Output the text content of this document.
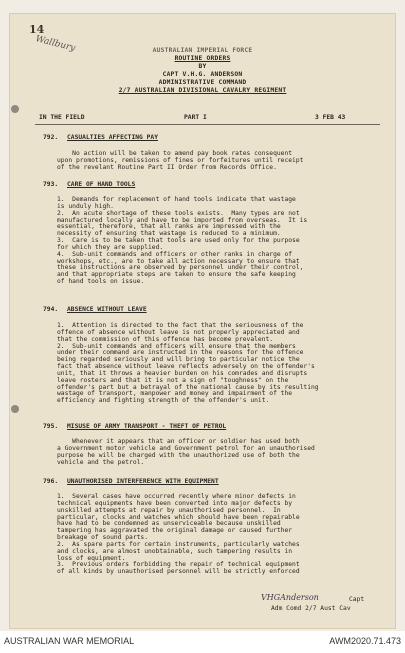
14
Wallbury	AUSTRALIAN IMPERIAL FORCE
ROUTINE ORDERS
BY
CAPT V.H.G. ANDERSON
ADMINISTRATIVE COMMAND
2/7 AUSTRALIAN DIVISIONAL CAVALRY REGIMENT
IN THE FIELD	PART I	3 FEB 43
792. CASUALTIES AFFECTING PAY
No action will be taken to amend pay book rates consequent
upon promotions, remissions of fines or forfeitures until receipt
of the revelant Routine Part II Order from Records Office.
793. CARE OF HAND TOOLS
1.  Demands for replacement of hand tools indicate that wastage
is unduly high.
2.  An acute shortage of these tools exists.  Many types are not
manufactured locally and have to be imported from overseas.  It is
essential, therefore, that all ranks are impressed with the
necessity of ensuring that wastage is reduced to a minimum.
3.  Care is to be taken that tools are used only for the purpose
for which they are supplied.
4.  Sub-unit commands and officers or other ranks in charge of
workshops, etc., are to take all action necessary to ensure that
these instructions are observed by personnel under their control,
and that appropriate steps are taken to ensure the safe keeping
of hand tools on issue.
794. ABSENCE WITHOUT LEAVE
1.  Attention is directed to the fact that the seriousness of the
offence of absence without leave is not properly appreciated and
that the commission of this offence has become prevalent.
2.  Sub-unit commands and officers will ensure that the members
under their command are instructed in the reasons for the offence
being regarded seriously and will bring to particular notice the
fact that absence without leave reflects adversely on the offender's
unit, that it throws a heavier burden on his comrades and disrupts
leave rosters and that it is not a sign of "toughness" on the
offender's part but a betrayal of the national cause by its resulting
wastage of transport, manpower and money and impairment of the
efficiency and fighting strength of the offender's unit.
795. MISUSE OF ARMY TRANSPORT - THEFT OF PETROL
Whenever it appears that an officer or soldier has used both
a Government motor vehicle and Government petrol for an unauthorised
purpose he will be charged with the unauthorized use of both the
vehicle and the petrol.
796. UNAUTHORISED INTERFERENCE WITH EQUIPMENT
1.  Several cases have occurred recently where minor defects in
technical equipments have been converted into major defects by
unskilled attempts at repair by unauthorised personnel.  In
particular, clocks and watches which should have been repairable
have had to be condemned as unserviceable because unskilled
tampering has aggravated the original damage or caused further
breakage of sound parts.
2.  As spare parts for certain instruments, particularly watches
and clocks, are almost unobtainable, such tampering results in
loss of equipment.
3.  Previous orders forbidding the repair of technical equipment
of all kinds by unauthorised personnel will be strictly enforced
VHGAnderson	Capt
Adm Comd 2/7 Aust Cav
AUSTRALIAN WAR MEMORIAL	AWM2020.71.473
